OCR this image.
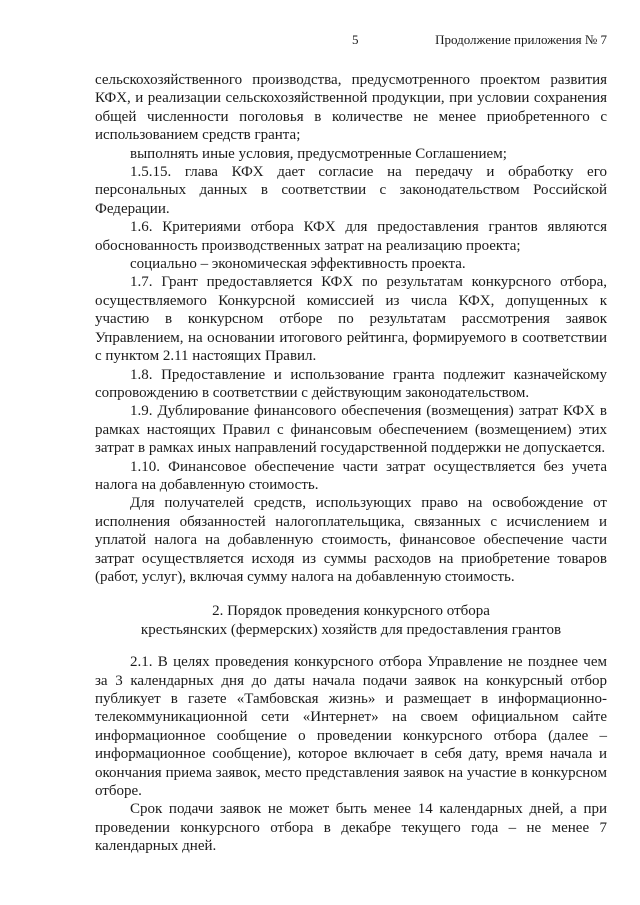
5	Продолжение приложения № 7

сельскохозяйственного производства, предусмотренного проектом развития КФХ, и реализации сельскохозяйственной продукции, при условии сохранения общей численности поголовья в количестве не менее приобретенного с использованием средств гранта;

выполнять иные условия, предусмотренные Соглашением;

1.5.15. глава КФХ дает согласие на передачу и обработку его персональных данных в соответствии с законодательством Российской Федерации.

1.6. Критериями отбора КФХ для предоставления грантов являются обоснованность производственных затрат на реализацию проекта;

социально – экономическая эффективность проекта.

1.7. Грант предоставляется КФХ по результатам конкурсного отбора, осуществляемого Конкурсной комиссией из числа КФХ, допущенных к участию в конкурсном отборе по результатам рассмотрения заявок Управлением, на основании итогового рейтинга, формируемого в соответствии с пунктом 2.11 настоящих Правил.

1.8. Предоставление и использование гранта подлежит казначейскому сопровождению в соответствии с действующим законодательством.

1.9. Дублирование финансового обеспечения (возмещения) затрат КФХ в рамках настоящих Правил с финансовым обеспечением (возмещением) этих затрат в рамках иных направлений государственной поддержки не допускается.

1.10. Финансовое обеспечение части затрат осуществляется без учета налога на добавленную стоимость.

Для получателей средств, использующих право на освобождение от исполнения обязанностей налогоплательщика, связанных с исчислением и уплатой налога на добавленную стоимость, финансовое обеспечение части затрат осуществляется исходя из суммы расходов на приобретение товаров (работ, услуг), включая сумму налога на добавленную стоимость.

2. Порядок проведения конкурсного отбора
крестьянских (фермерских) хозяйств для предоставления грантов

2.1. В целях проведения конкурсного отбора Управление не позднее чем за 3 календарных дня до даты начала подачи заявок на конкурсный отбор публикует в газете «Тамбовская жизнь» и размещает в информационно-телекоммуникационной сети «Интернет» на своем официальном сайте информационное сообщение о проведении конкурсного отбора (далее – информационное сообщение), которое включает в себя дату, время начала и окончания приема заявок, место представления заявок на участие в конкурсном отборе.

Срок подачи заявок не может быть менее 14 календарных дней, а при проведении конкурсного отбора в декабре текущего года – не менее 7 календарных дней.
